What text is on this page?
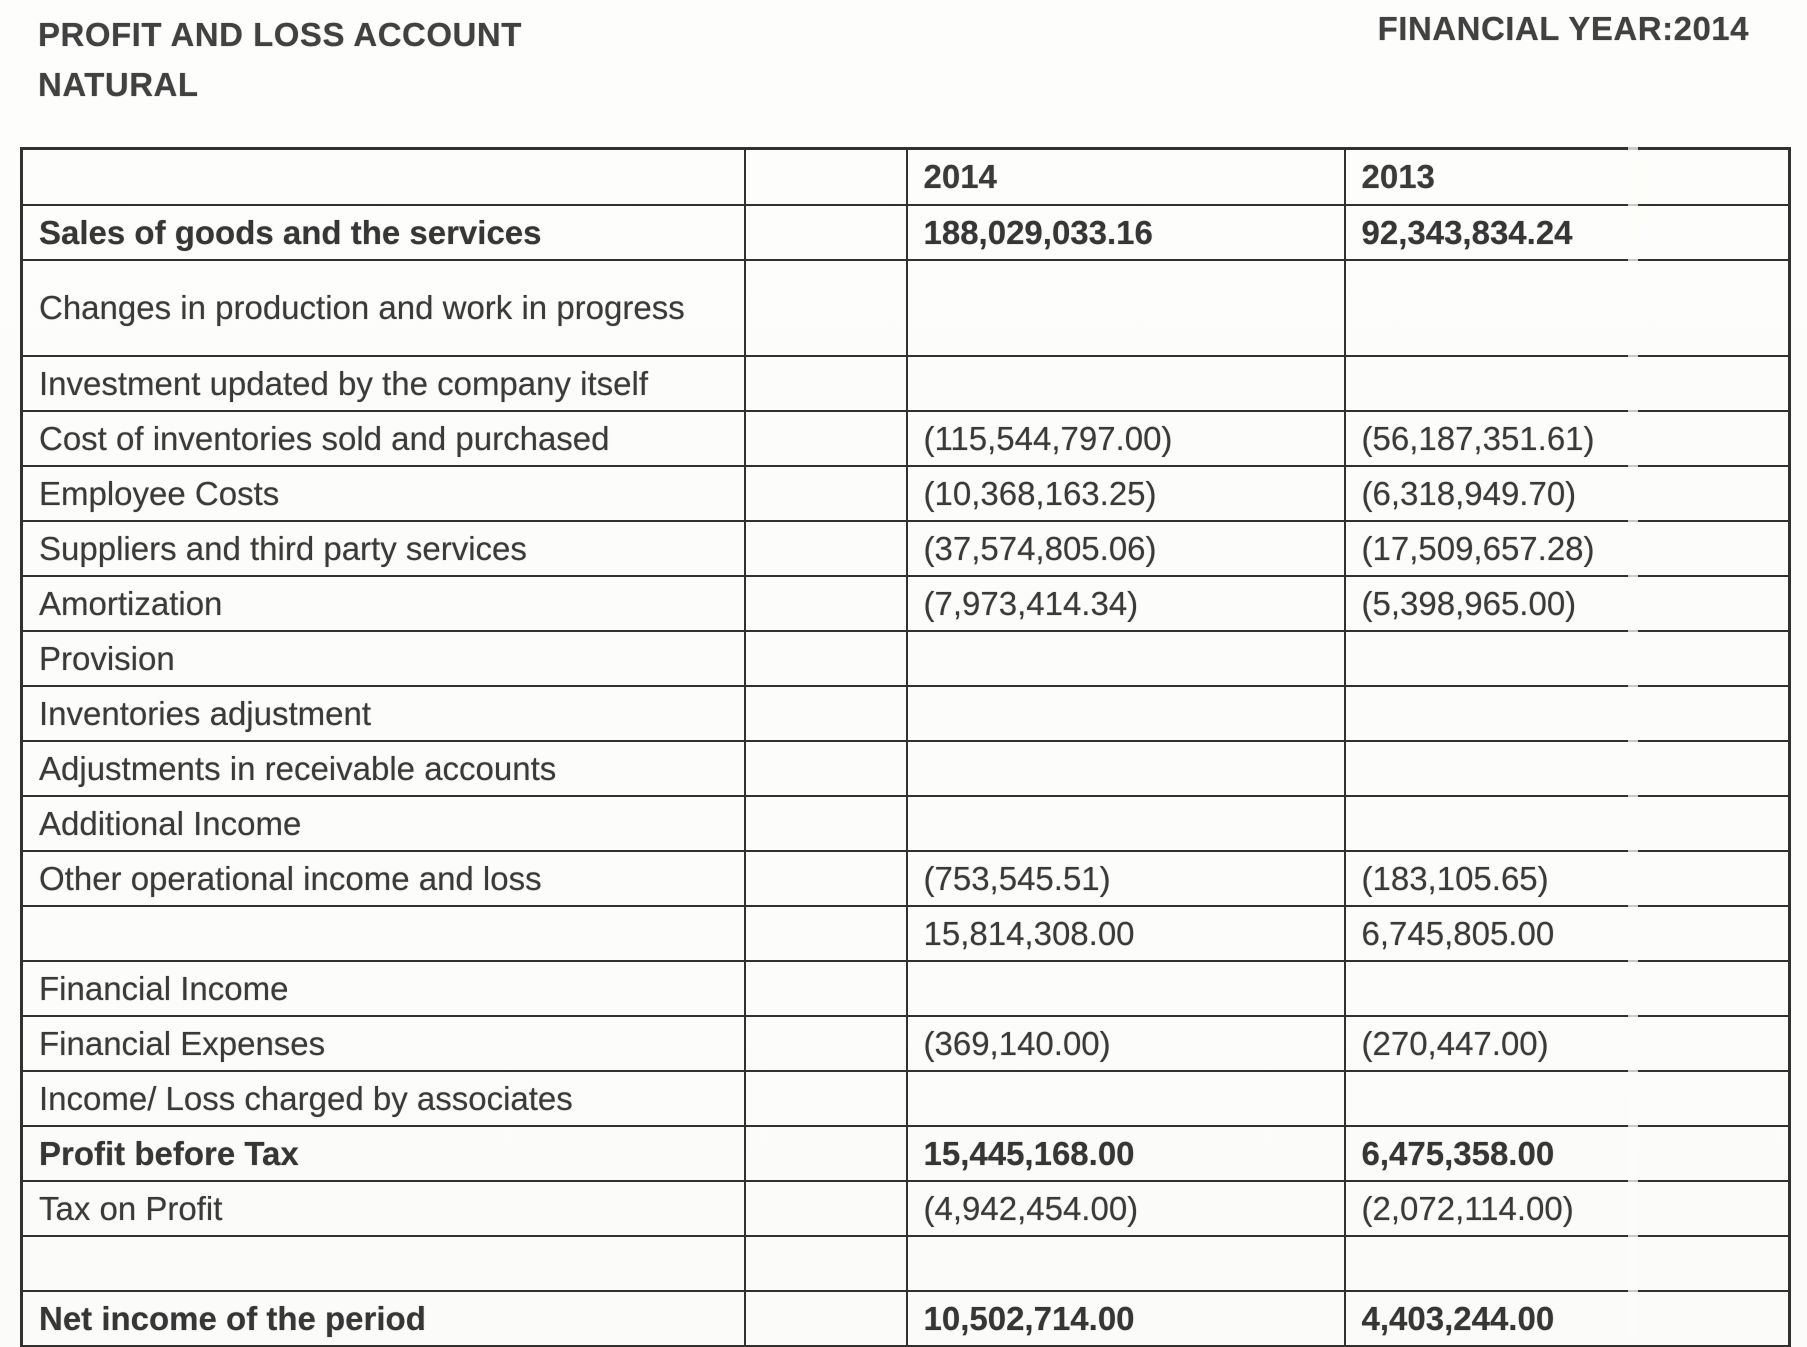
PROFIT AND LOSS ACCOUNT
NATURAL
FINANCIAL YEAR:2014
		2014	2013
Sales of goods and the services		188,029,033.16	92,343,834.24
Changes in production and work in progress			
Investment updated by the company itself			
Cost of inventories sold and purchased		(115,544,797.00)	(56,187,351.61)
Employee Costs		(10,368,163.25)	(6,318,949.70)
Suppliers and third party services		(37,574,805.06)	(17,509,657.28)
Amortization		(7,973,414.34)	(5,398,965.00)
Provision			
Inventories adjustment			
Adjustments in receivable accounts			
Additional Income			
Other operational income and loss		(753,545.51)	(183,105.65)
		15,814,308.00	6,745,805.00
Financial Income			
Financial Expenses		(369,140.00)	(270,447.00)
Income/ Loss charged by associates			
Profit before Tax		15,445,168.00	6,475,358.00
Tax on Profit		(4,942,454.00)	(2,072,114.00)

Net income of the period		10,502,714.00	4,403,244.00
